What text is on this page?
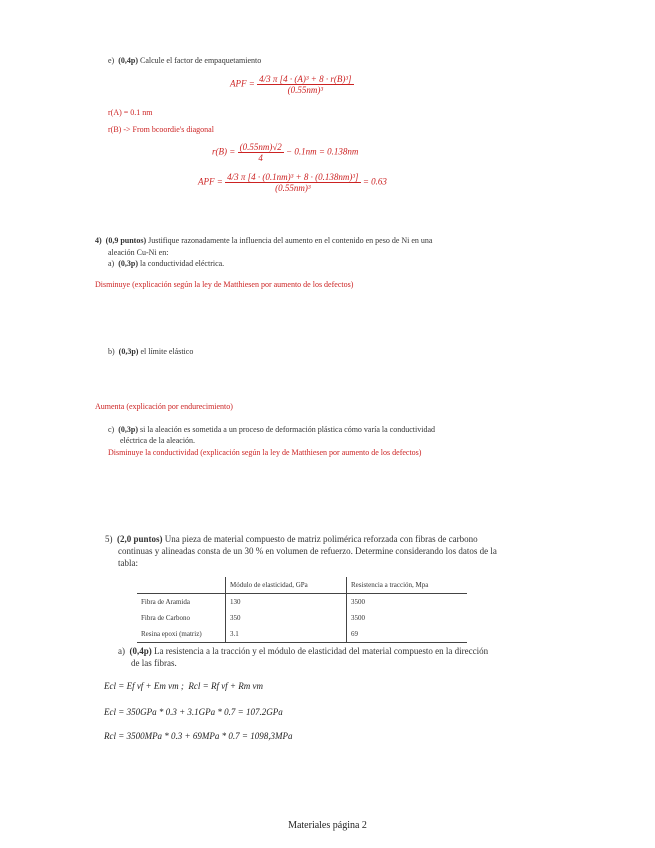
e) (0,4p) Calcule el factor de empaquetamiento
APF = $\frac{\text{4/3 π [4 · (A)³ + 8 · r(B)³]}}{\text{(0.55nm)³}}$
r(A) = 0.1 nm
r(B) -> From bcoordie's diagonal
$r(B) = \frac{(0.55nm)√2}{4} - 0.1nm = 0.138nm$
APF = $\frac{\text{4/3 π [4 · (0.1nm)³ + 8 · (0.138nm)³]}}{\text{(0.55nm)³}} = 0.63$
4) (0,9 puntos) Justifique razonadamente la influencia del aumento en el contenido en peso de Ni en una
aleación Cu-Ni en:
a) (0,3p) la conductividad eléctrica.
Disminuye (explicación según la ley de Matthiesen por aumento de los defectos)
b) (0,3p) el límite elástico
Aumenta (explicación por endurecimiento)
c) (0,3p) si la aleación es sometida a un proceso de deformación plástica cómo varía la conductividad
eléctrica de la aleación.
Disminuye la conductividad (explicación según la ley de Matthiesen por aumento de los defectos)
5) (2,0 puntos) Una pieza de material compuesto de matriz polimérica reforzada con fibras de carbono
continuas y alineadas consta de un 30 % en volumen de refuerzo. Determine considerando los datos de la
tabla:
	Módulo de elasticidad, GPa	Resistencia a tracción, Mpa
Fibra de Aramida	130	3500
Fibra de Carbono	350	3500
Resina epoxi (matriz)	3.1	69
a) (0,4p) La resistencia a la tracción y el módulo de elasticidad del material compuesto en la dirección
de las fibras.
Ecl = Ef vf + Em vm ;  Rcl = Rf vf + Rm vm
Ecl = 350GPa * 0.3 + 3.1GPa * 0.7 = 107.2GPa
Rcl = 3500MPa * 0.3 + 69MPa * 0.7 = 1098,3MPa
Materiales página 2
